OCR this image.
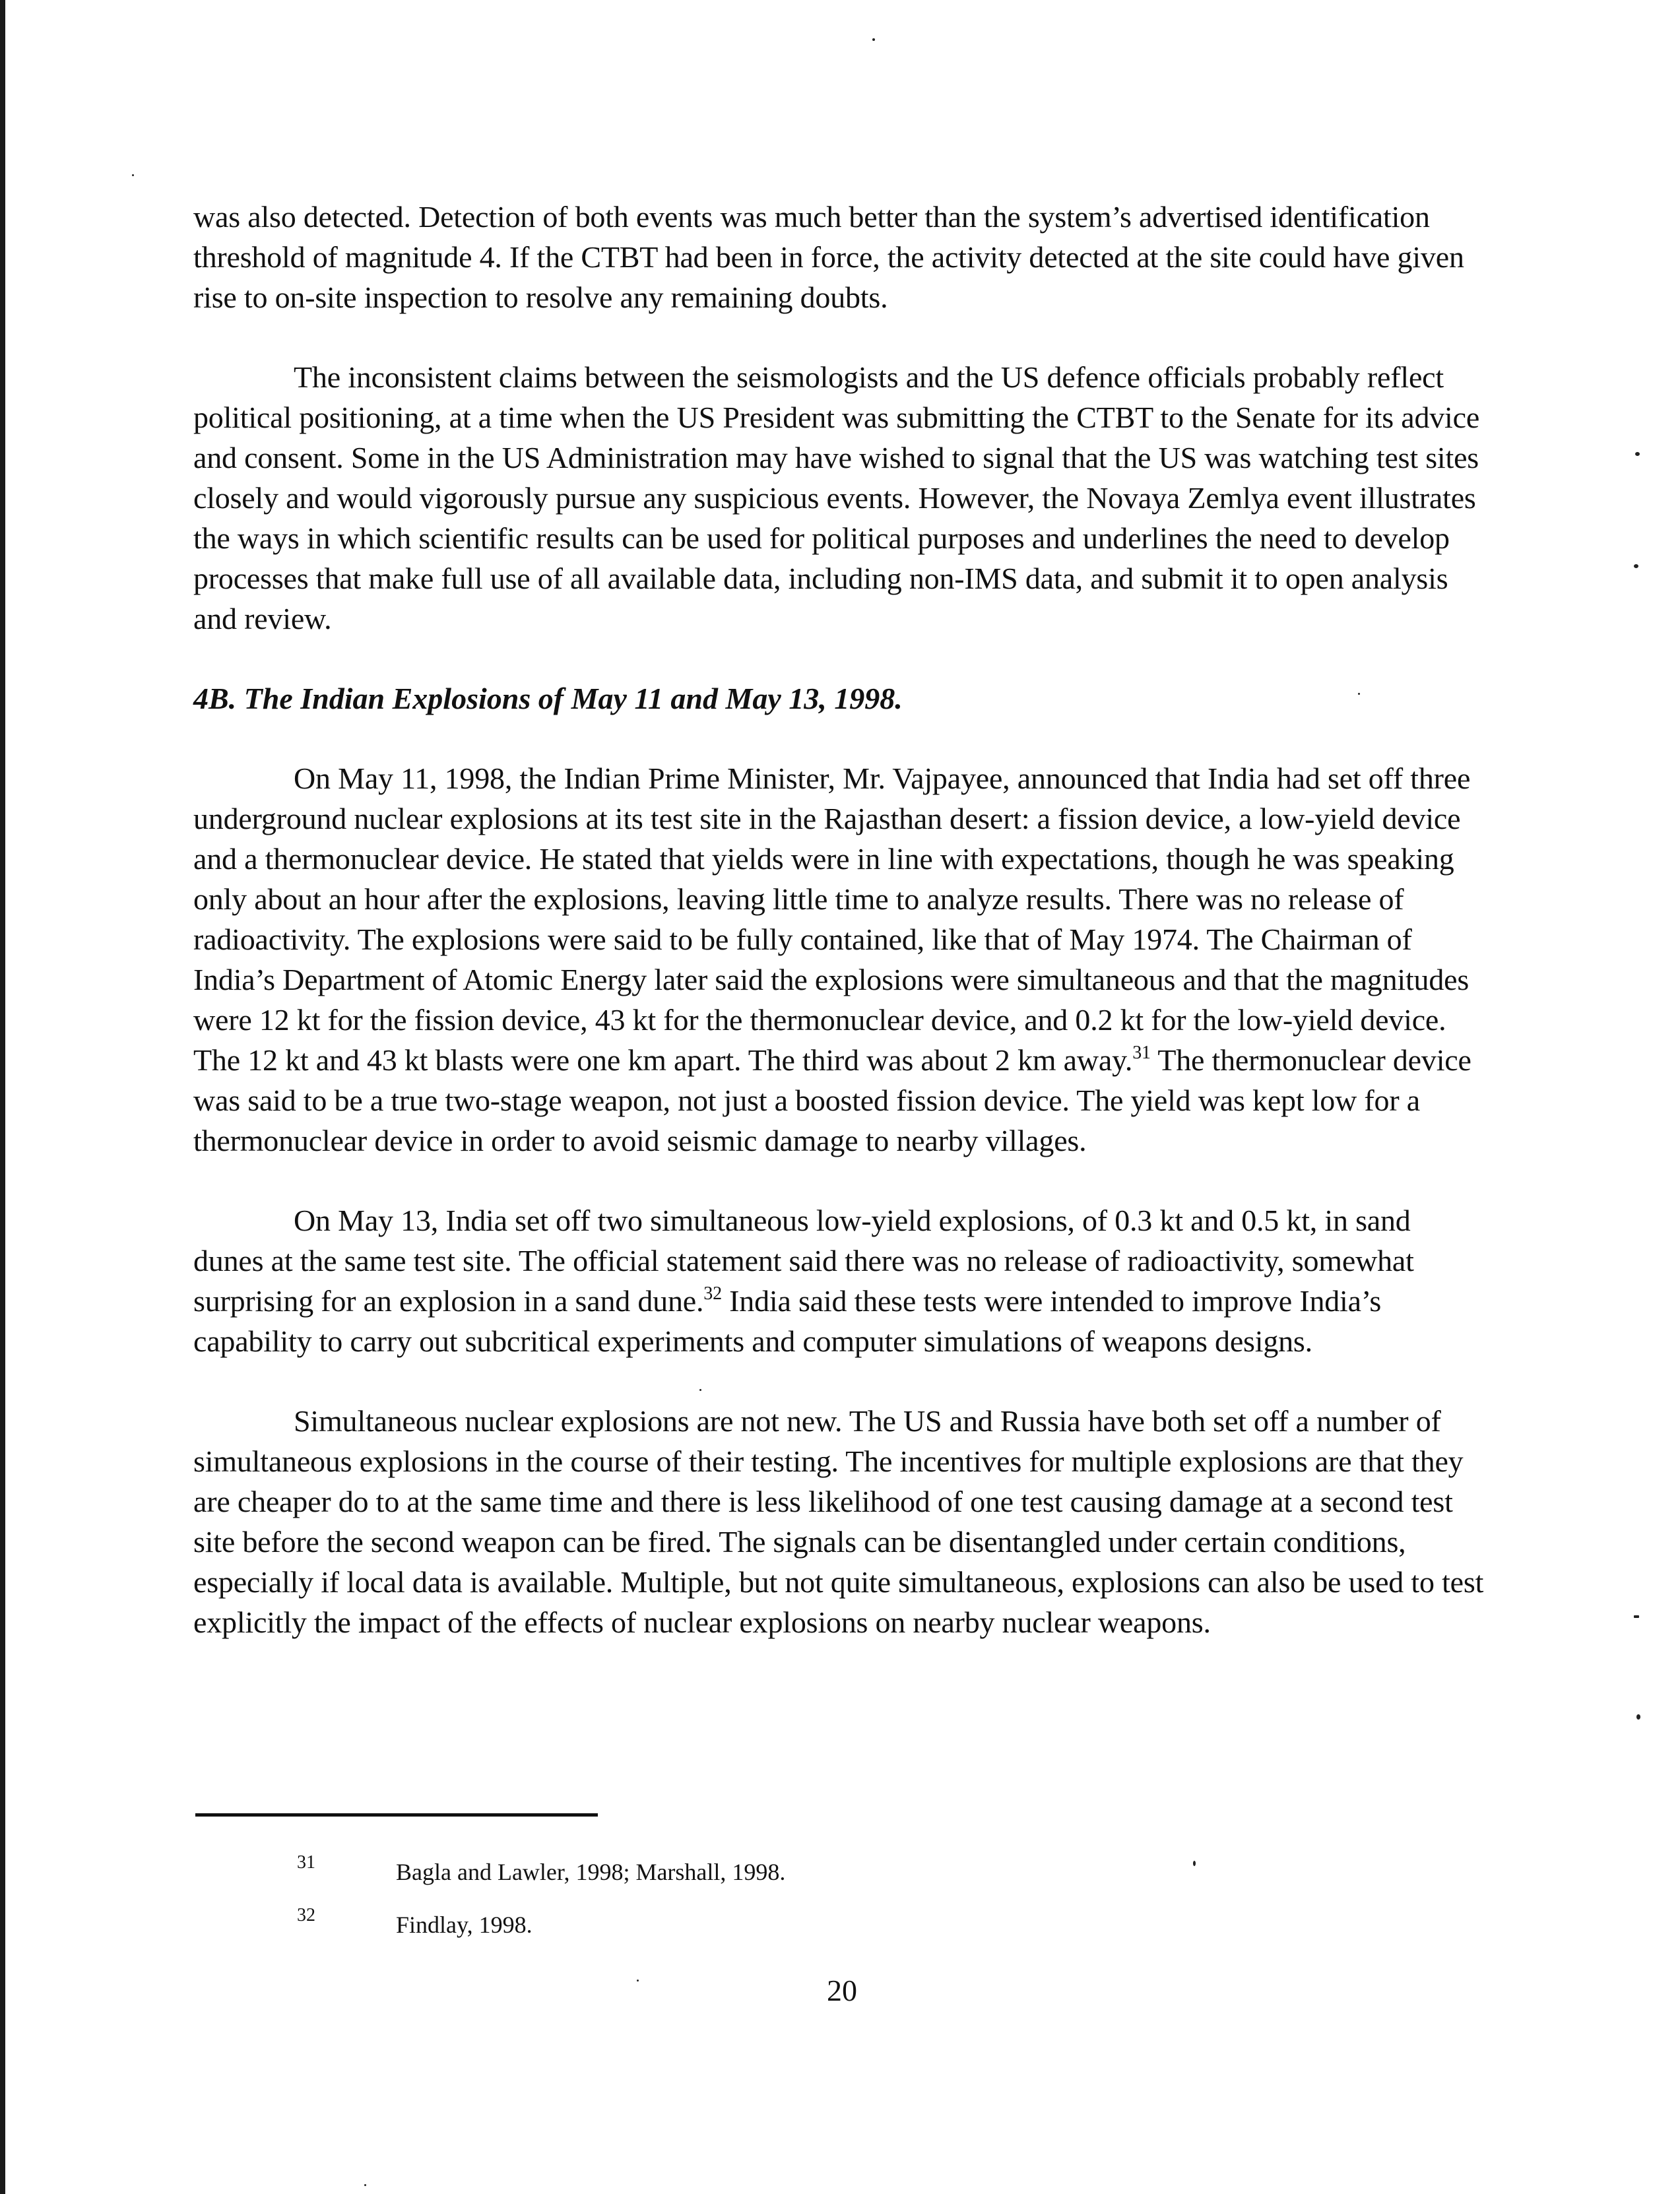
was also detected. Detection of both events was much better than the system’s advertised identification threshold of magnitude 4. If the CTBT had been in force, the activity detected at the site could have given rise to on-site inspection to resolve any remaining doubts.

The inconsistent claims between the seismologists and the US defence officials probably reflect political positioning, at a time when the US President was submitting the CTBT to the Senate for its advice and consent. Some in the US Administration may have wished to signal that the US was watching test sites closely and would vigorously pursue any suspicious events. However, the Novaya Zemlya event illustrates the ways in which scientific results can be used for political purposes and underlines the need to develop processes that make full use of all available data, including non-IMS data, and submit it to open analysis and review.

4B. The Indian Explosions of May 11 and May 13, 1998.

On May 11, 1998, the Indian Prime Minister, Mr. Vajpayee, announced that India had set off three underground nuclear explosions at its test site in the Rajasthan desert: a fission device, a low-yield device and a thermonuclear device. He stated that yields were in line with expectations, though he was speaking only about an hour after the explosions, leaving little time to analyze results. There was no release of radioactivity. The explosions were said to be fully contained, like that of May 1974. The Chairman of India’s Department of Atomic Energy later said the explosions were simultaneous and that the magnitudes were 12 kt for the fission device, 43 kt for the thermonuclear device, and 0.2 kt for the low-yield device. The 12 kt and 43 kt blasts were one km apart. The third was about 2 km away.$^{31}$ The thermonuclear device was said to be a true two-stage weapon, not just a boosted fission device. The yield was kept low for a thermonuclear device in order to avoid seismic damage to nearby villages.

On May 13, India set off two simultaneous low-yield explosions, of 0.3 kt and 0.5 kt, in sand dunes at the same test site. The official statement said there was no release of radioactivity, somewhat surprising for an explosion in a sand dune.$^{32}$ India said these tests were intended to improve India’s capability to carry out subcritical experiments and computer simulations of weapons designs.

Simultaneous nuclear explosions are not new. The US and Russia have both set off a number of simultaneous explosions in the course of their testing. The incentives for multiple explosions are that they are cheaper do to at the same time and there is less likelihood of one test causing damage at a second test site before the second weapon can be fired. The signals can be disentangled under certain conditions, especially if local data is available. Multiple, but not quite simultaneous, explosions can also be used to test explicitly the impact of the effects of nuclear explosions on nearby nuclear weapons.

31	Bagla and Lawler, 1998; Marshall, 1998.
32	Findlay, 1998.
20
